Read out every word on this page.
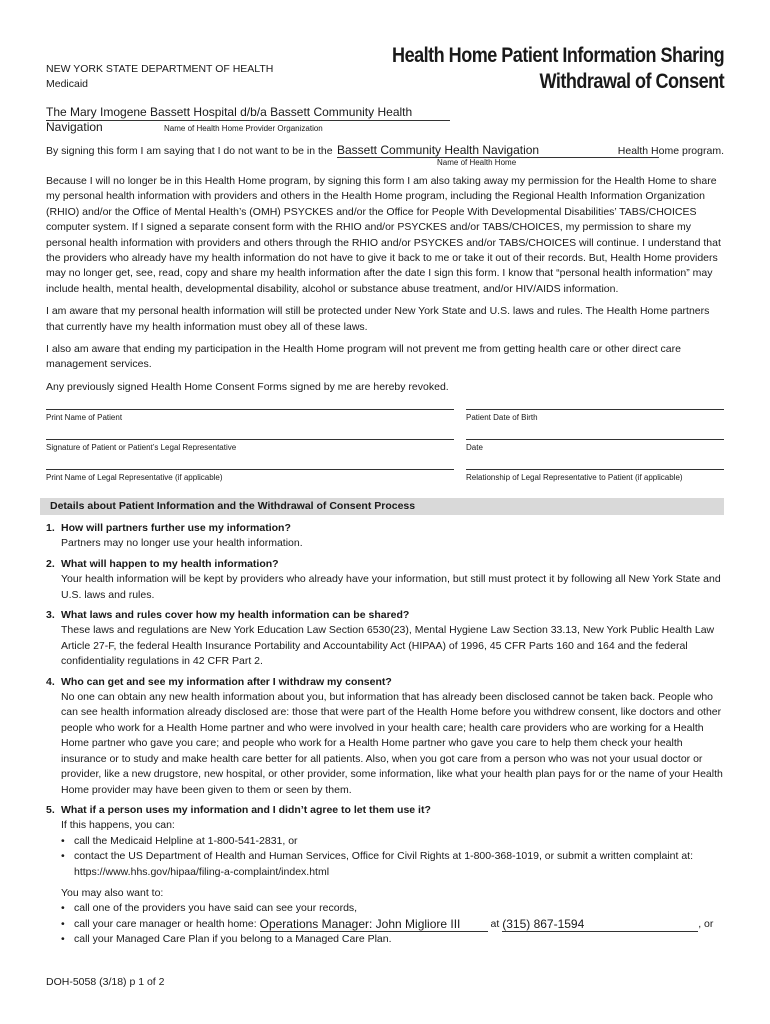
NEW YORK STATE DEPARTMENT OF HEALTH
Medicaid
Health Home Patient Information Sharing
Withdrawal of Consent
The Mary Imogene Bassett Hospital d/b/a Bassett Community Health Navigation	Name of Health Home Provider Organization
By signing this form I am saying that I do not want to be in the Bassett Community Health Navigation	Health Home program.
Name of Health Home

Because I will no longer be in this Health Home program, by signing this form I am also taking away my permission for the Health Home to share my personal health information with providers and others in the Health Home program, including the Regional Health Information Organization (RHIO) and/or the Office of Mental Health’s (OMH) PSYCKES and/or the Office for People With Developmental Disabilities’ TABS/CHOICES computer system. If I signed a separate consent form with the RHIO and/or PSYCKES and/or TABS/CHOICES, my permission to share my personal health information with providers and others through the RHIO and/or PSYCKES and/or TABS/CHOICES will continue. I understand that the providers who already have my health information do not have to give it back to me or take it out of their records. But, Health Home providers may no longer get, see, read, copy and share my health information after the date I sign this form. I know that “personal health information” may include health, mental health, developmental disability, alcohol or substance abuse treatment, and/or HIV/AIDS information.

I am aware that my personal health information will still be protected under New York State and U.S. laws and rules. The Health Home partners that currently have my health information must obey all of these laws.

I also am aware that ending my participation in the Health Home program will not prevent me from getting health care or other direct care management services.

Any previously signed Health Home Consent Forms signed by me are hereby revoked.

Print Name of Patient	Patient Date of Birth
Signature of Patient or Patient’s Legal Representative	Date
Print Name of Legal Representative (if applicable)	Relationship of Legal Representative to Patient (if applicable)
Details about Patient Information and the Withdrawal of Consent Process
1. How will partners further use my information?
Partners may no longer use your health information.
2. What will happen to my health information?
Your health information will be kept by providers who already have your information, but still must protect it by following all New York State and U.S. laws and rules.
3. What laws and rules cover how my health information can be shared?
These laws and regulations are New York Education Law Section 6530(23), Mental Hygiene Law Section 33.13, New York Public Health Law Article 27-F, the federal Health Insurance Portability and Accountability Act (HIPAA) of 1996, 45 CFR Parts 160 and 164 and the federal confidentiality regulations in 42 CFR Part 2.
4. Who can get and see my information after I withdraw my consent?
No one can obtain any new health information about you, but information that has already been disclosed cannot be taken back. People who can see health information already disclosed are: those that were part of the Health Home before you withdrew consent, like doctors and other people who work for a Health Home partner and who were involved in your health care; health care providers who are working for a Health Home partner who gave you care; and people who work for a Health Home partner who gave you care to help them check your health insurance or to study and make health care better for all patients. Also, when you got care from a person who was not your usual doctor or provider, like a new drugstore, new hospital, or other provider, some information, like what your health plan pays for or the name of your Health Home provider may have been given to them or seen by them.
5. What if a person uses my information and I didn’t agree to let them use it?
If this happens, you can:
• call the Medicaid Helpline at 1-800-541-2831, or
• contact the US Department of Health and Human Services, Office for Civil Rights at 1-800-368-1019, or submit a written complaint at: https://www.hhs.gov/hipaa/filing-a-complaint/index.html
You may also want to:
• call one of the providers you have said can see your records,
• call your care manager or health home: Operations Manager: John Migliore III	at (315) 867-1594	, or
• call your Managed Care Plan if you belong to a Managed Care Plan.
DOH-5058 (3/18) p 1 of 2
